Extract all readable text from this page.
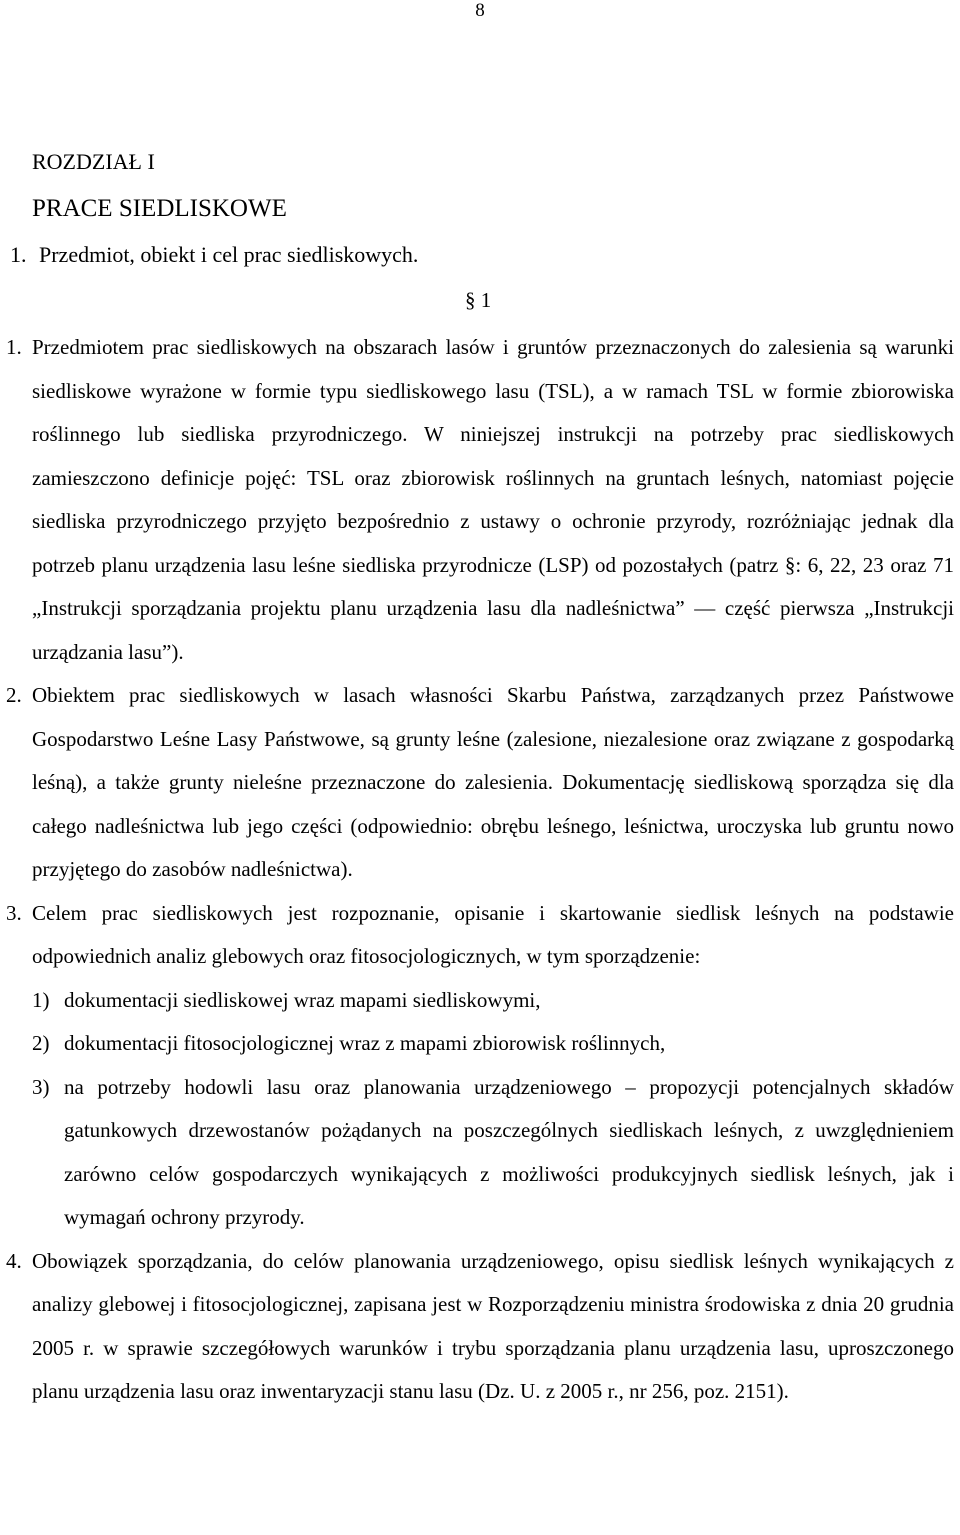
8
ROZDZIAŁ I
PRACE SIEDLISKOWE
1. Przedmiot, obiekt i cel prac siedliskowych.
§ 1

1. Przedmiotem prac siedliskowych na obszarach lasów i gruntów przeznaczonych do zalesienia są warunki siedliskowe wyrażone w formie typu siedliskowego lasu (TSL), a w ramach TSL w formie zbiorowiska roślinnego lub siedliska przyrodniczego. W niniejszej instrukcji na potrzeby prac siedliskowych zamieszczono definicje pojęć: TSL oraz zbiorowisk roślinnych na gruntach leśnych, natomiast pojęcie siedliska przyrodniczego przyjęto bezpośrednio z ustawy o ochronie przyrody, rozróżniając jednak dla potrzeb planu urządzenia lasu leśne siedliska przyrodnicze (LSP) od pozostałych (patrz §: 6, 22, 23 oraz 71 „Instrukcji sporządzania projektu planu urządzenia lasu dla nadleśnictwa” — część pierwsza „Instrukcji urządzania lasu”).

2. Obiektem prac siedliskowych w lasach własności Skarbu Państwa, zarządzanych przez Państwowe Gospodarstwo Leśne Lasy Państwowe, są grunty leśne (zalesione, niezalesione oraz związane z gospodarką leśną), a także grunty nieleśne przeznaczone do zalesienia. Dokumentację siedliskową sporządza się dla całego nadleśnictwa lub jego części (odpowiednio: obrębu leśnego, leśnictwa, uroczyska lub gruntu nowo przyjętego do zasobów nadleśnictwa).

3. Celem prac siedliskowych jest rozpoznanie, opisanie i skartowanie siedlisk leśnych na podstawie odpowiednich analiz glebowych oraz fitosocjologicznych, w tym sporządzenie:

1) dokumentacji siedliskowej wraz mapami siedliskowymi,

2) dokumentacji fitosocjologicznej wraz z mapami zbiorowisk roślinnych,

3) na potrzeby hodowli lasu oraz planowania urządzeniowego – propozycji potencjalnych składów gatunkowych drzewostanów pożądanych na poszczególnych siedliskach leśnych, z uwzględnieniem zarówno celów gospodarczych wynikających z możliwości produkcyjnych siedlisk leśnych, jak i wymagań ochrony przyrody.

4. Obowiązek sporządzania, do celów planowania urządzeniowego, opisu siedlisk leśnych wynikających z analizy glebowej i fitosocjologicznej, zapisana jest w Rozporządzeniu ministra środowiska z dnia 20 grudnia 2005 r. w sprawie szczegółowych warunków i trybu sporządzania planu urządzenia lasu, uproszczonego planu urządzenia lasu oraz inwentaryzacji stanu lasu (Dz. U. z 2005 r., nr 256, poz. 2151).
